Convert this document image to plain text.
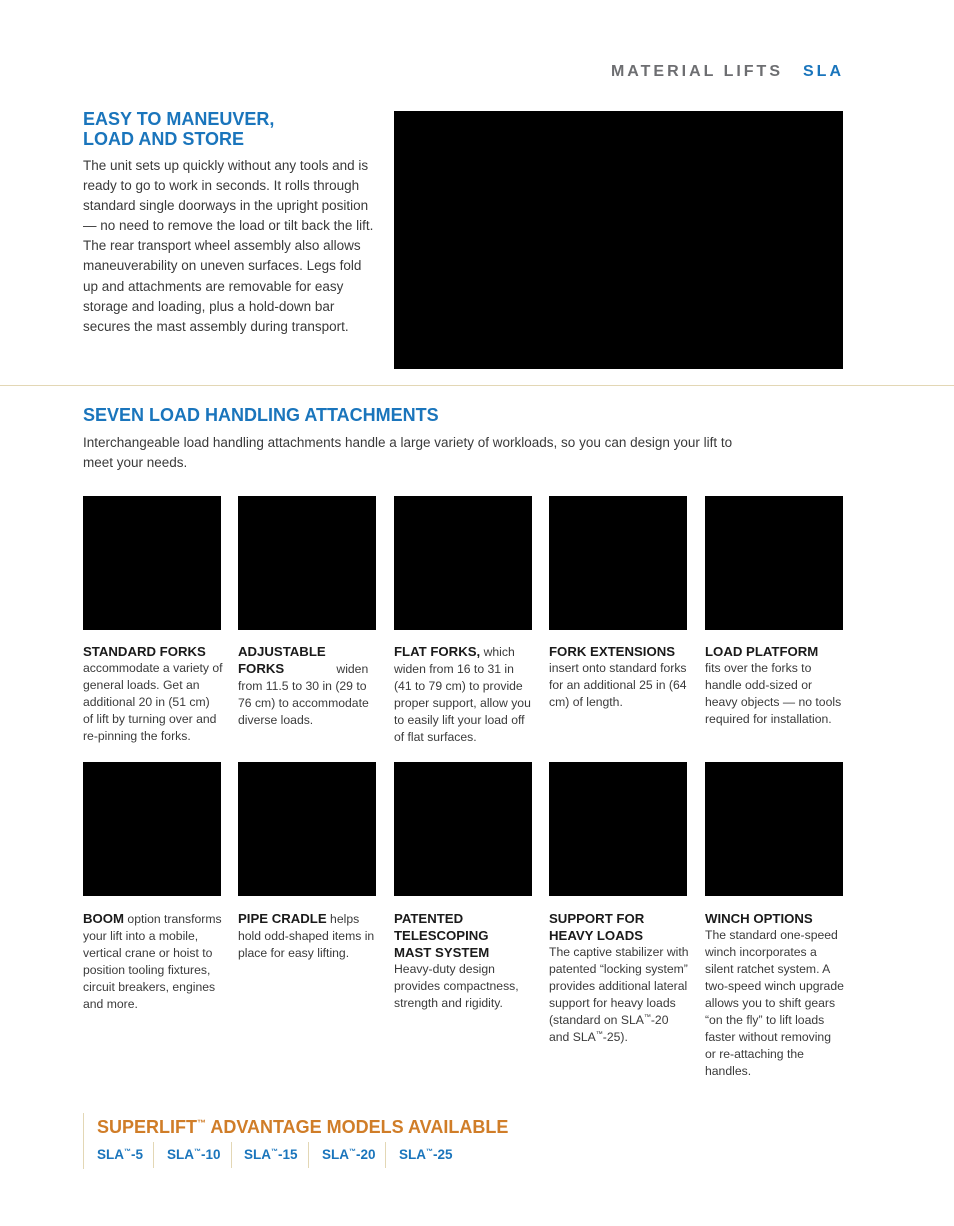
MATERIAL LIFTS SLA
EASY TO MANEUVER,
LOAD AND STORE

The unit sets up quickly without any tools and is ready to go to work in seconds. It rolls through standard single doorways in the upright position — no need to remove the load or tilt back the lift. The rear transport wheel assembly also allows maneuverability on uneven surfaces. Legs fold up and attachments are removable for easy storage and loading, plus a hold-down bar secures the mast assembly during transport.

SEVEN LOAD HANDLING ATTACHMENTS

Interchangeable load handling attachments handle a large variety of workloads, so you can design your lift to meet your needs.

STANDARD FORKS
accommodate a variety of general loads. Get an additional 20 in (51 cm) of lift by turning over and re-pinning the forks.
ADJUSTABLE FORKS	widen from 11.5 to 30 in (29 to 76 cm) to accommodate diverse loads.
FLAT FORKS, which widen from 16 to 31 in (41 to 79 cm) to provide proper support, allow you to easily lift your load off of flat surfaces.
FORK EXTENSIONS
insert onto standard forks for an additional 25 in (64 cm) of length.
LOAD PLATFORM
fits over the forks to handle odd-sized or heavy objects — no tools required for installation.
BOOM option transforms your lift into a mobile, vertical crane or hoist to position tooling fixtures, circuit breakers, engines and more.
PIPE CRADLE helps hold odd-shaped items in place for easy lifting.
PATENTED TELESCOPING MAST SYSTEM
Heavy-duty design provides compactness, strength and rigidity.
SUPPORT FOR HEAVY LOADS
The captive stabilizer with patented “locking system” provides additional lateral support for heavy loads (standard on SLA™-20 and SLA™-25).
WINCH OPTIONS
The standard one-speed winch incorporates a silent ratchet system. A two-speed winch upgrade allows you to shift gears “on the fly” to lift loads faster without removing or re-attaching the handles.
SUPERLIFT™ ADVANTAGE MODELS AVAILABLE
SLA™-5 SLA™-10 SLA™-15 SLA™-20 SLA™-25
